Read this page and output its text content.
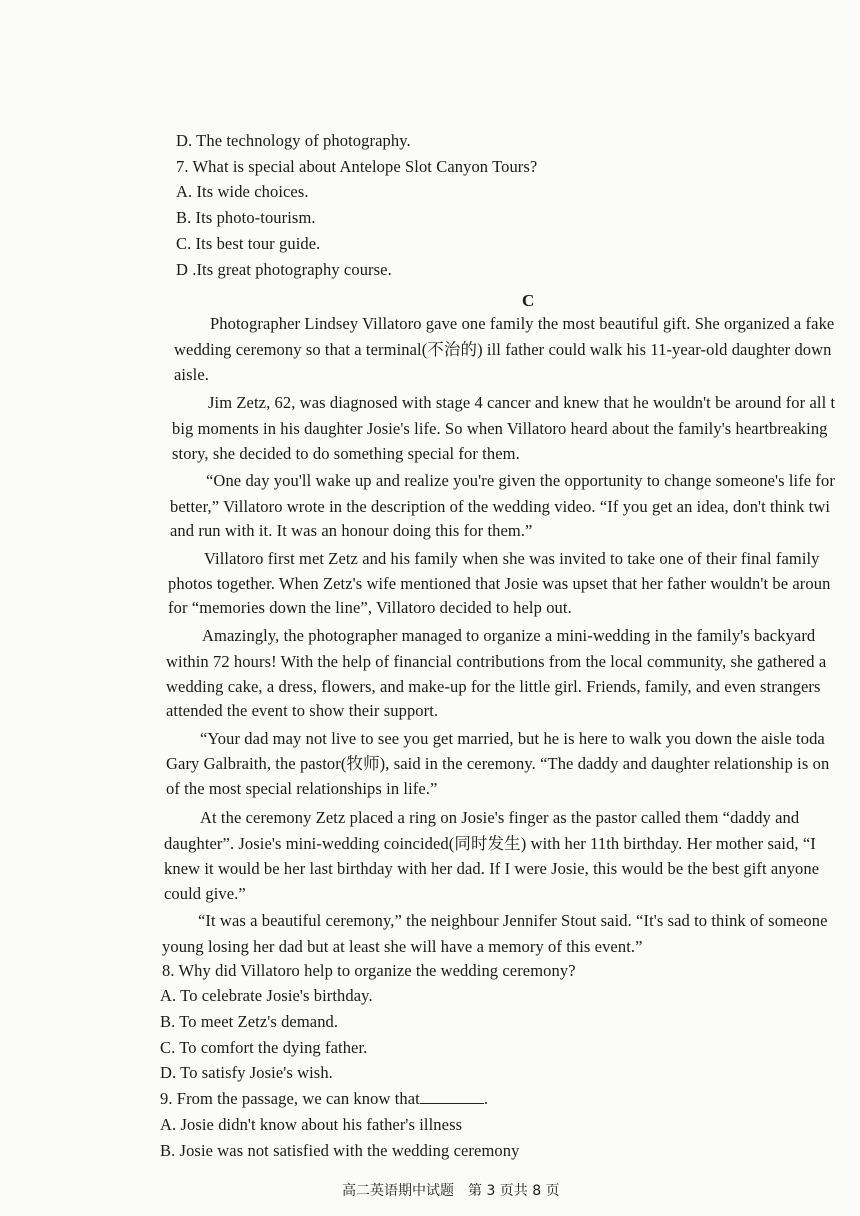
D. The technology of photography.
7. What is special about Antelope Slot Canyon Tours?
A. Its wide choices.
B. Its photo-tourism.
C. Its best tour guide.
D .Its great photography course.
C
Photographer Lindsey Villatoro gave one family the most beautiful gift. She organized a fake
wedding ceremony so that a terminal(不治的) ill father could walk his 11-year-old daughter down
aisle.
Jim Zetz, 62, was diagnosed with stage 4 cancer and knew that he wouldn't be around for all t
big moments in his daughter Josie's life. So when Villatoro heard about the family's heartbreaking
story, she decided to do something special for them.
“One day you'll wake up and realize you're given the opportunity to change someone's life for
better,” Villatoro wrote in the description of the wedding video. “If you get an idea, don't think twi
and run with it. It was an honour doing this for them.”
Villatoro first met Zetz and his family when she was invited to take one of their final family
photos together. When Zetz's wife mentioned that Josie was upset that her father wouldn't be aroun
for “memories down the line”, Villatoro decided to help out.
Amazingly, the photographer managed to organize a mini-wedding in the family's backyard
within 72 hours! With the help of financial contributions from the local community, she gathered a
wedding cake, a dress, flowers, and make-up for the little girl. Friends, family, and even strangers
attended the event to show their support.
“Your dad may not live to see you get married, but he is here to walk you down the aisle toda
Gary Galbraith, the pastor(牧师), said in the ceremony. “The daddy and daughter relationship is on
of the most special relationships in life.”
At the ceremony Zetz placed a ring on Josie's finger as the pastor called them “daddy and
daughter”. Josie's mini-wedding coincided(同时发生) with her 11th birthday. Her mother said, “I
knew it would be her last birthday with her dad. If I were Josie, this would be the best gift anyone
could give.”
“It was a beautiful ceremony,” the neighbour Jennifer Stout said. “It's sad to think of someone
young losing her dad but at least she will have a memory of this event.”
8. Why did Villatoro help to organize the wedding ceremony?
A. To celebrate Josie's birthday.
B. To meet Zetz's demand.
C. To comfort the dying father.
D. To satisfy Josie's wish.
9. From the passage, we can know that	.
A. Josie didn't know about his father's illness
B. Josie was not satisfied with the wedding ceremony
高二英语期中试题　第 3 页共 8 页
